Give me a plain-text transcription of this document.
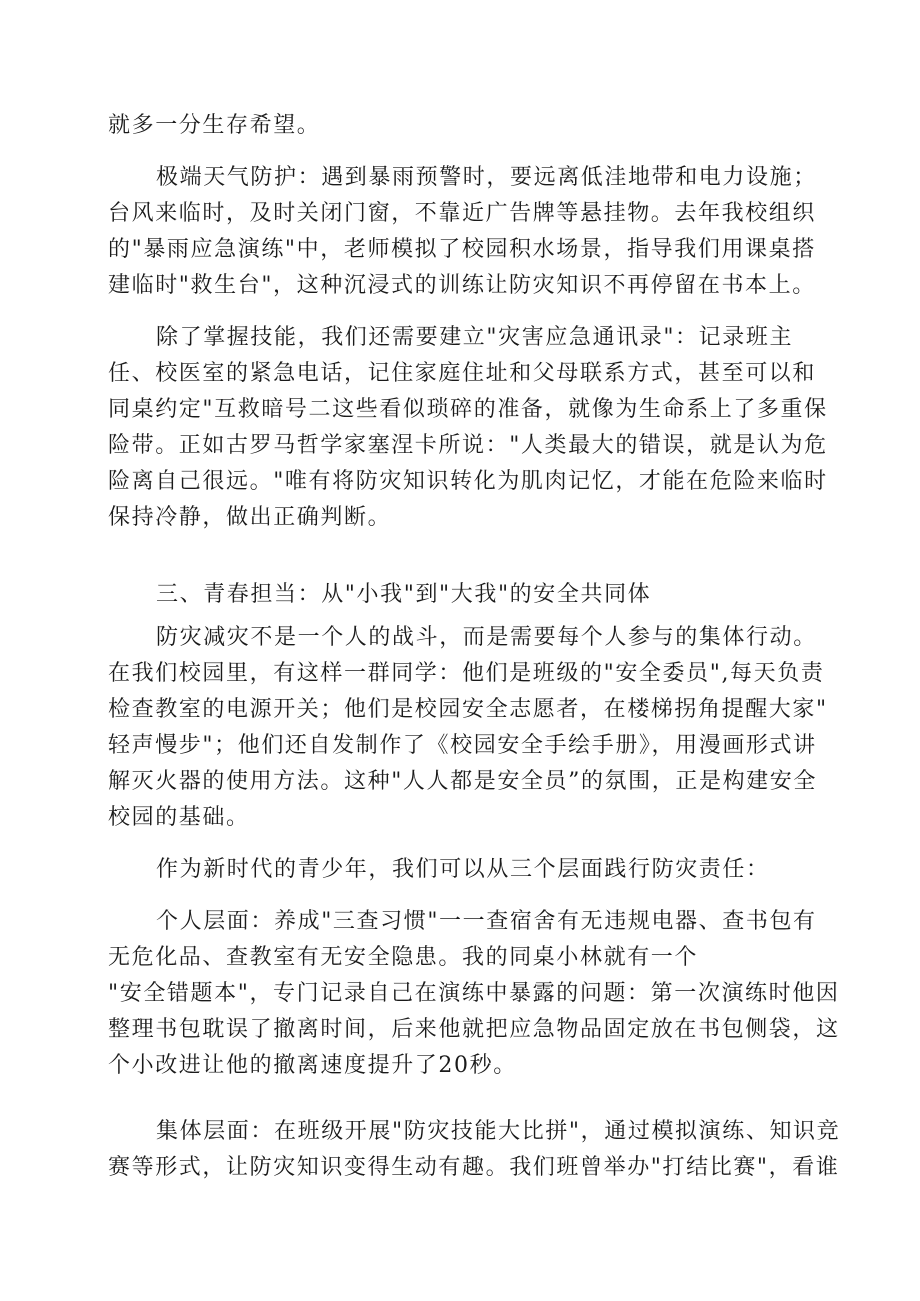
就多一分生存希望。
极端天气防护：遇到暴雨预警时，要远离低洼地带和电力设施；
台风来临时，及时关闭门窗，不靠近广告牌等悬挂物。去年我校组织
的"暴雨应急演练"中，老师模拟了校园积水场景，指导我们用课桌搭
建临时"救生台"，这种沉浸式的训练让防灾知识不再停留在书本上。
除了掌握技能，我们还需要建立"灾害应急通讯录"：记录班主
任、校医室的紧急电话，记住家庭住址和父母联系方式，甚至可以和
同桌约定"互救暗号二这些看似琐碎的准备，就像为生命系上了多重保
险带。正如古罗马哲学家塞涅卡所说："人类最大的错误，就是认为危
险离自己很远。"唯有将防灾知识转化为肌肉记忆，才能在危险来临时
保持冷静，做出正确判断。
三、青春担当：从"小我"到"大我"的安全共同体
防灾减灾不是一个人的战斗，而是需要每个人参与的集体行动。
在我们校园里，有这样一群同学：他们是班级的"安全委员",每天负责
检查教室的电源开关；他们是校园安全志愿者，在楼梯拐角提醒大家"
轻声慢步"；他们还自发制作了《校园安全手绘手册》，用漫画形式讲
解灭火器的使用方法。这种"人人都是安全员”的氛围，正是构建安全
校园的基础。
作为新时代的青少年，我们可以从三个层面践行防灾责任：
个人层面：养成"三查习惯"一一查宿舍有无违规电器、查书包有
无危化品、查教室有无安全隐患。我的同桌小林就有一个
"安全错题本"，专门记录自己在演练中暴露的问题：第一次演练时他因
整理书包耽误了撤离时间，后来他就把应急物品固定放在书包侧袋，这
个小改进让他的撤离速度提升了20秒。
集体层面：在班级开展"防灾技能大比拼"，通过模拟演练、知识竞
赛等形式，让防灾知识变得生动有趣。我们班曾举办"打结比赛"，看谁
